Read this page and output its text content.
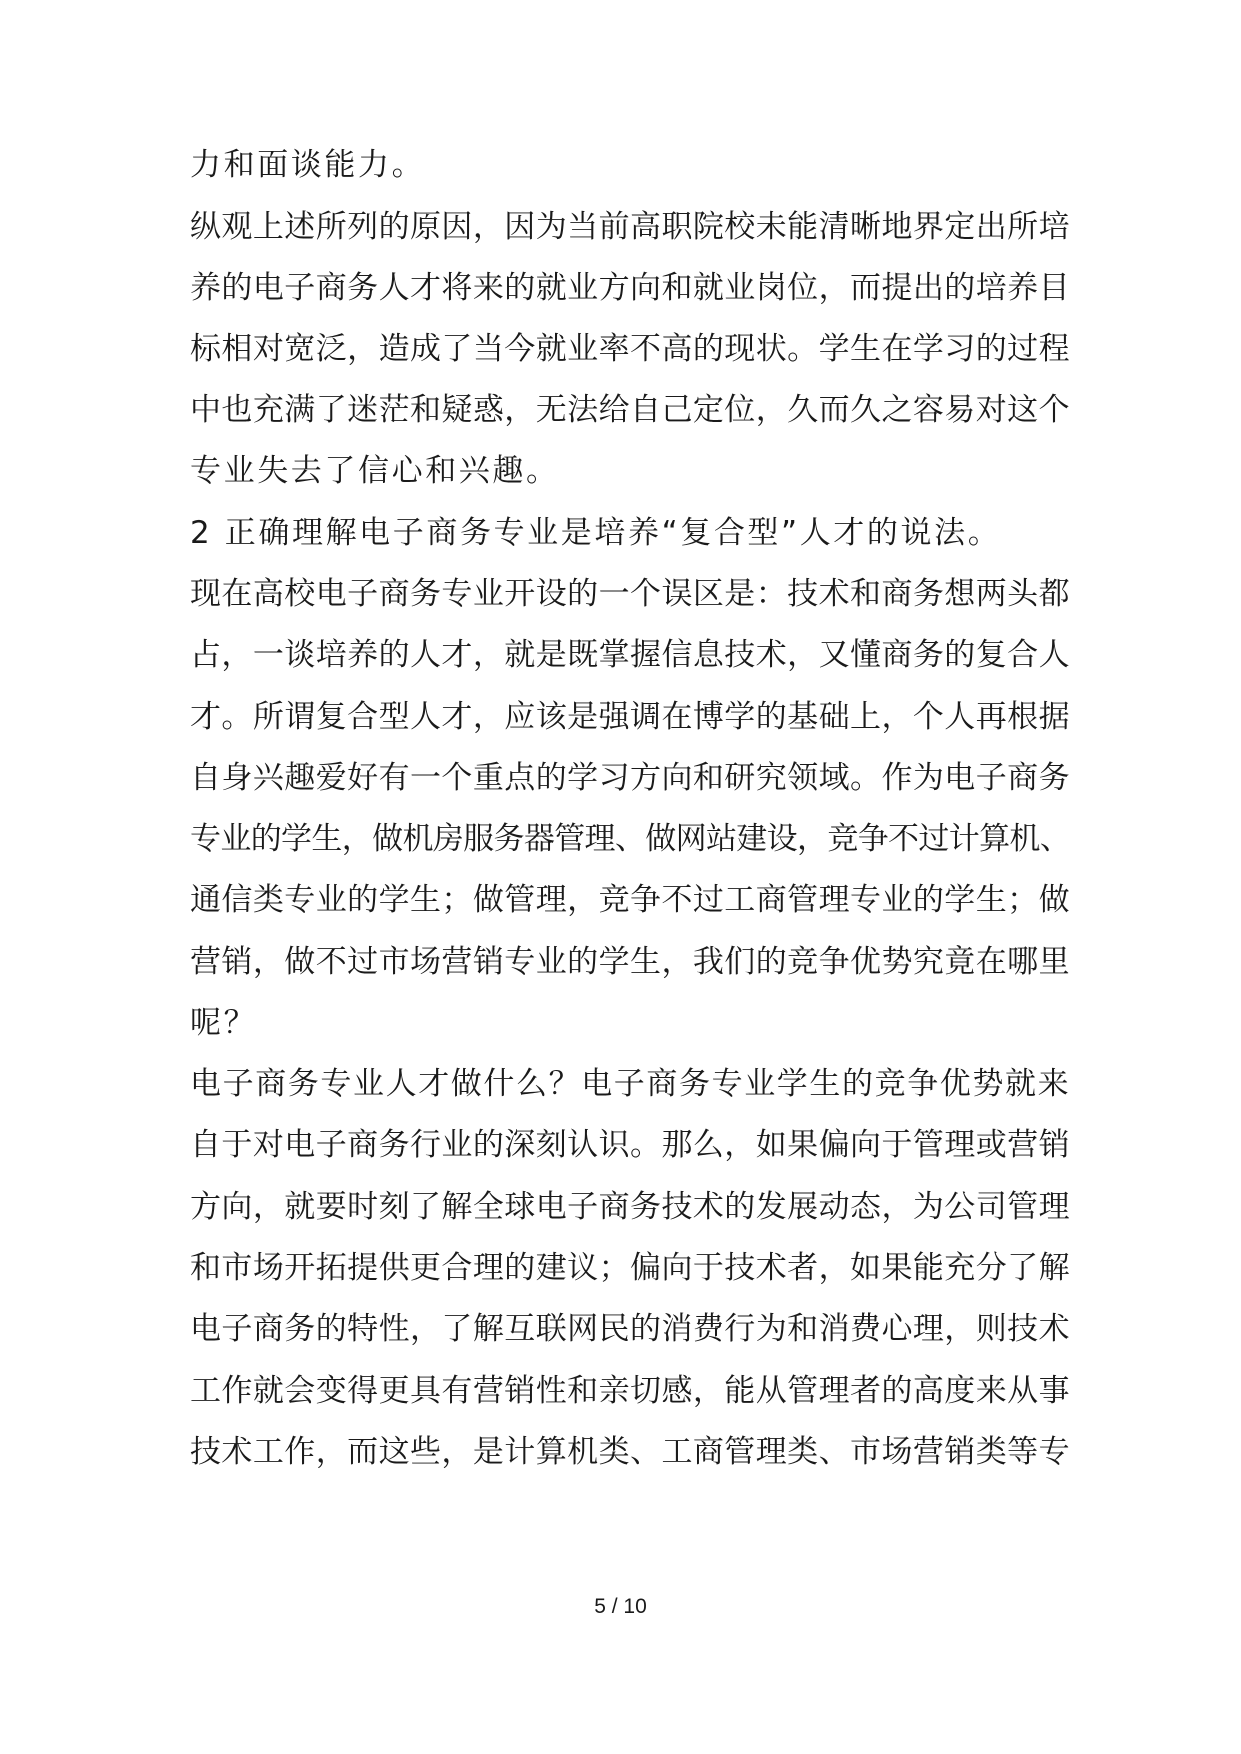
力和面谈能力。
纵观上述所列的原因，因为当前高职院校未能清晰地界定出所培
养的电子商务人才将来的就业方向和就业岗位，而提出的培养目
标相对宽泛，造成了当今就业率不高的现状。学生在学习的过程
中也充满了迷茫和疑惑，无法给自己定位，久而久之容易对这个
专业失去了信心和兴趣。
2 正确理解电子商务专业是培养“复合型”人才的说法。
现在高校电子商务专业开设的一个误区是：技术和商务想两头都
占，一谈培养的人才，就是既掌握信息技术，又懂商务的复合人
才。所谓复合型人才，应该是强调在博学的基础上，个人再根据
自身兴趣爱好有一个重点的学习方向和研究领域。作为电子商务
专业的学生，做机房服务器管理、做网站建设，竞争不过计算机、
通信类专业的学生；做管理，竞争不过工商管理专业的学生；做
营销，做不过市场营销专业的学生，我们的竞争优势究竟在哪里
呢？
电子商务专业人才做什么？电子商务专业学生的竞争优势就来
自于对电子商务行业的深刻认识。那么，如果偏向于管理或营销
方向，就要时刻了解全球电子商务技术的发展动态，为公司管理
和市场开拓提供更合理的建议；偏向于技术者，如果能充分了解
电子商务的特性，了解互联网民的消费行为和消费心理，则技术
工作就会变得更具有营销性和亲切感，能从管理者的高度来从事
技术工作，而这些，是计算机类、工商管理类、市场营销类等专
5 / 10
